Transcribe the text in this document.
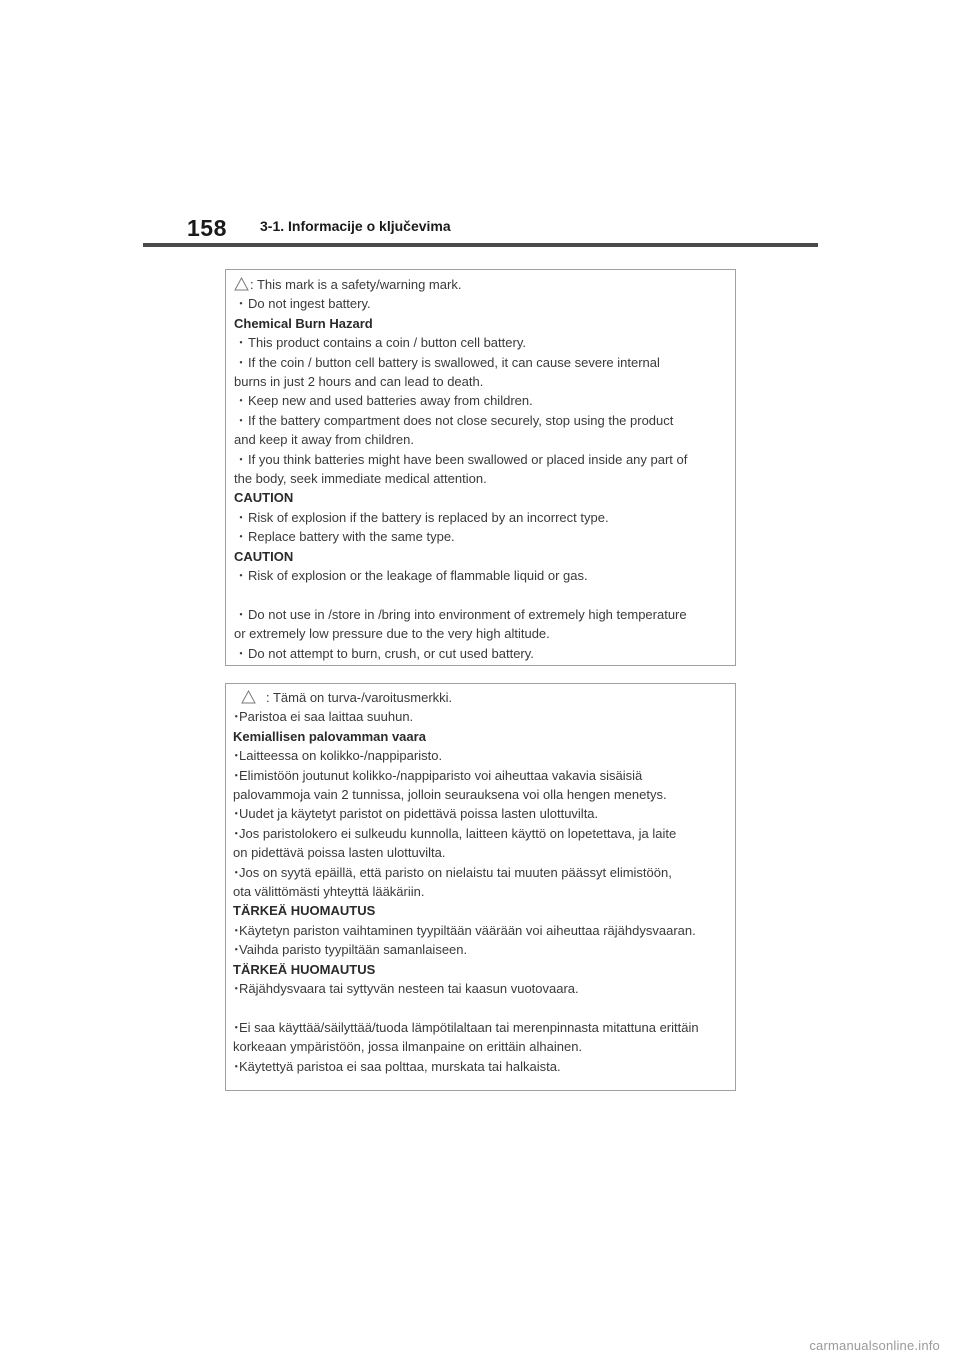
158 3-1. Informacije o ključevima
: This mark is a safety/warning mark.
・Do not ingest battery.
Chemical Burn Hazard
・This product contains a coin / button cell battery.
・If the coin / button cell battery is swallowed, it can cause severe internal
burns in just 2 hours and can lead to death.
・Keep new and used batteries away from children.
・If the battery compartment does not close securely, stop using the product
and keep it away from children.
・If you think batteries might have been swallowed or placed inside any part of
the body, seek immediate medical attention.
CAUTION
・Risk of explosion if the battery is replaced by an incorrect type.
・Replace battery with the same type.
CAUTION
・Risk of explosion or the leakage of flammable liquid or gas.
・Do not use in /store in /bring into environment of extremely high temperature
or extremely low pressure due to the very high altitude.
・Do not attempt to burn, crush, or cut used battery.
: Tämä on turva-/varoitusmerkki.
･Paristoa ei saa laittaa suuhun.
Kemiallisen palovamman vaara
･Laitteessa on kolikko-/nappiparisto.
･Elimistöön joutunut kolikko-/nappiparisto voi aiheuttaa vakavia sisäisiä
palovammoja vain 2 tunnissa, jolloin seurauksena voi olla hengen menetys.
･Uudet ja käytetyt paristot on pidettävä poissa lasten ulottuvilta.
･Jos paristolokero ei sulkeudu kunnolla, laitteen käyttö on lopetettava, ja laite
on pidettävä poissa lasten ulottuvilta.
･Jos on syytä epäillä, että paristo on nielaistu tai muuten päässyt elimistöön,
ota välittömästi yhteyttä lääkäriin.
TÄRKEÄ HUOMAUTUS
･Käytetyn pariston vaihtaminen tyypiltään väärään voi aiheuttaa räjähdysvaaran.
･Vaihda paristo tyypiltään samanlaiseen.
TÄRKEÄ HUOMAUTUS
･Räjähdysvaara tai syttyvän nesteen tai kaasun vuotovaara.
･Ei saa käyttää/säilyttää/tuoda lämpötilaltaan tai merenpinnasta mitattuna erittäin
korkeaan ympäristöön, jossa ilmanpaine on erittäin alhainen.
･Käytettyä paristoa ei saa polttaa, murskata tai halkaista.
carmanualsonline.info
